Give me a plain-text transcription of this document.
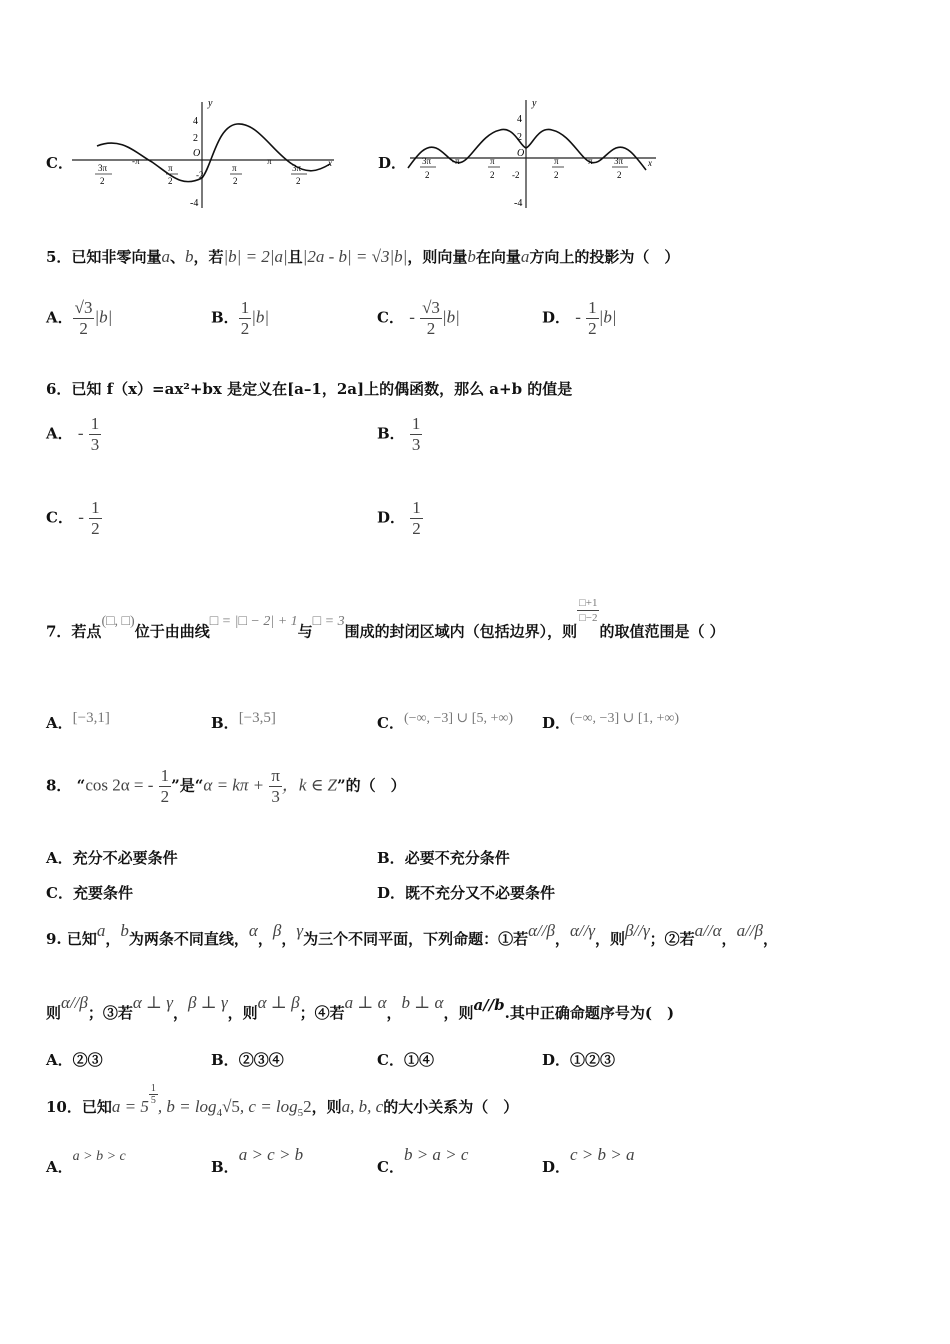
C．
y
4
2
O
-4
3π
2
-π
π
2
-2
π
2
π
3π
2
x	D．
y
4
2
O
-2
-4
3π
2
-π	π
2
π
2
π 3π
2
x
5．已知非零向量a、b，若|b| = 2|a|且|2a - b| = √3|b|，则向量b在向量a方向上的投影为（　）
A． $\frac{√3}{2} |b|$	B． $\frac{1}{2} |b|$	C． - $\frac{√3}{2} |b|$	D． - $\frac{1}{2} |b|$
6．已知 f（x）=ax²+bx 是定义在[a–1，2a]上的偶函数，那么 a+b 的值是
A． - $\frac{1}{3}$	B． $\frac{1}{3}$
C． - $\frac{1}{2}$	D． $\frac{1}{2}$
7．若点(□, □)位于由曲线□ = |□ − 2| + 1与□ = 3围成的封闭区域内（包括边界），则
$\frac{□+1}{□-2}$
的取值范围是（ ）
A．[−3,1]	B．[−3,5]	C．(−∞, −3] ∪ [5, +∞) D．(−∞, −3] ∪ [1, +∞)
8． “cos 2α = - $\frac{1}{2}$ ”是“$\alpha = k\pi + \frac{\pi}{3}$ ，k ∈ Z”的（　）
A．充分不必要条件	B．必要不充分条件
C．充要条件	D．既不充分又不必要条件
9. 已知a，b为两条不同直线，α，β，γ为三个不同平面，下列命题：①若α//β，α//γ，则β//γ；②若a//α，a//β，
则α//β；③若α ⊥ γ，β ⊥ γ，则α ⊥ β；④若a ⊥ α，b ⊥ α，则a//b.其中正确命题序号为(　)
A．②③	B．②③④	C．①④	D．①②③
10．已知a = 5
$\frac{1}{5}$
, $b = \log_4√5$, $c = \log_52$，则a, b, c的大小关系为（　）
A．a > b > c
B．a > c > b
C．b > a > c
D．c > b > a
